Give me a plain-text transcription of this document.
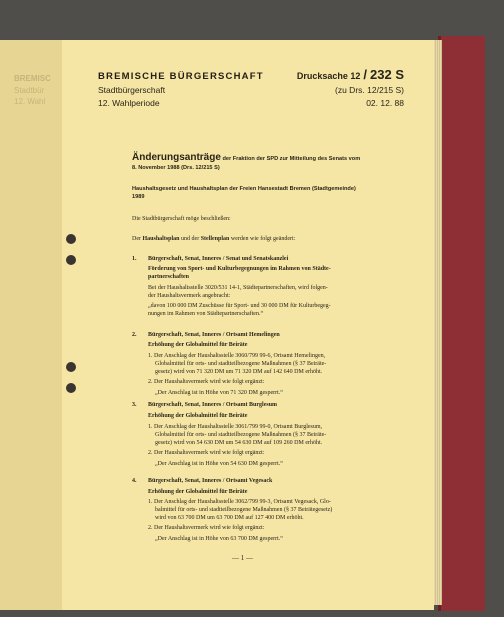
BREMISC
Stadtbür
12. Wahl
BREMISCHE BÜRGERSCHAFT
Stadtbürgerschaft
12. Wahlperiode
Drucksache 12 / 232 S
(zu Drs. 12/215 S)
02. 12. 88
Änderungsanträge der Fraktion der SPD zur Mitteilung des Senats vom
8. November 1988 (Drs. 12/215 S)
Haushaltsgesetz und Haushaltsplan der Freien Hansestadt Bremen (Stadtgemeinde)
1989
Die Stadtbürgerschaft möge beschließen:
Der Haushaltsplan und der Stellenplan werden wie folgt geändert:
1. Bürgerschaft, Senat, Inneres / Senat und Senatskanzlei
Förderung von Sport- und Kulturbegegnungen im Rahmen von Städte-
partnerschaften
Bei der Haushaltsstelle 3020/531 14-1, Städtepartnerschaften, wird folgen-
der Haushaltsvermerk angebracht:
„davon 100 000 DM Zuschüsse für Sport- und 30 000 DM für Kulturbegeg-
nungen im Rahmen von Städtepartnerschaften.“
2. Bürgerschaft, Senat, Inneres / Ortsamt Hemelingen
Erhöhung der Globalmittel für Beiräte
1. Der Anschlag der Haushaltsstelle 3060/799 99-6, Ortsamt Hemelingen,
Globalmittel für orts- und stadtteilbezogene Maßnahmen (§ 37 Beiräte-
gesetz) wird von 71 320 DM um 71 320 DM auf 142 640 DM erhöht.
2. Der Haushaltsvermerk wird wie folgt ergänzt:
„Der Anschlag ist in Höhe von 71 320 DM gesperrt.“
3. Bürgerschaft, Senat, Inneres / Ortsamt Burglesum
Erhöhung der Globalmittel für Beiräte
1. Der Anschlag der Haushaltsstelle 3061/799 99-0, Ortsamt Burglesum,
Globalmittel für orts- und stadtteilbezogene Maßnahmen (§ 37 Beiräte-
gesetz) wird von 54 630 DM um 54 630 DM auf 109 260 DM erhöht.
2. Der Haushaltsvermerk wird wie folgt ergänzt:
„Der Anschlag ist in Höhe von 54 630 DM gesperrt.“
4. Bürgerschaft, Senat, Inneres / Ortsamt Vegesack
Erhöhung der Globalmittel für Beiräte
1. Der Anschlag der Haushaltsstelle 3062/799 99-3, Ortsamt Vegesack, Glo-
balmittel für orts- und stadtteilbezogene Maßnahmen (§ 37 Beirätegesetz)
wird von 63 700 DM um 63 700 DM auf 127 400 DM erhöht.
2. Der Haushaltsvermerk wird wie folgt ergänzt:
„Der Anschlag ist in Höhe von 63 700 DM gesperrt.“
— 1 —
